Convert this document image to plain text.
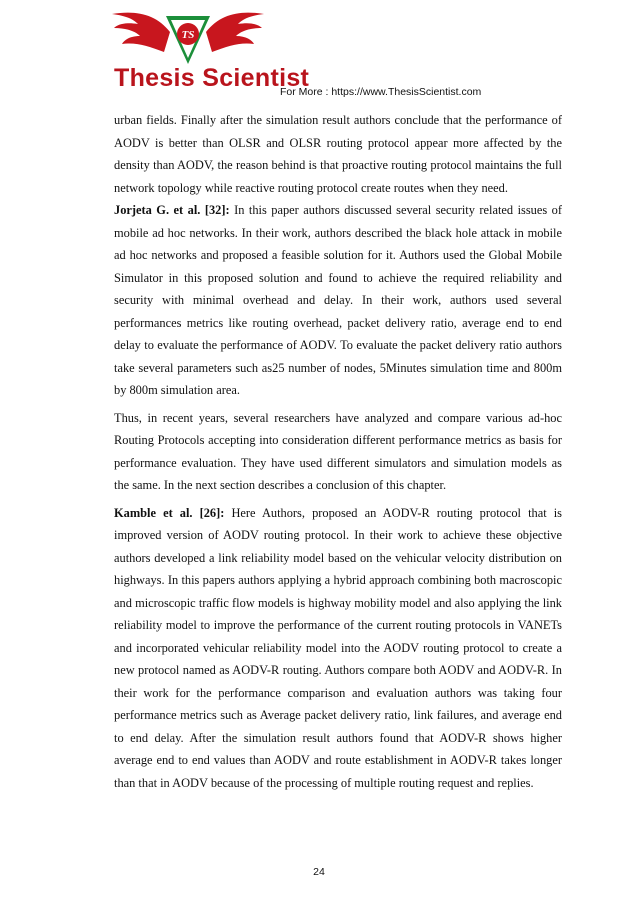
TS
Thesis Scientist
For More : https://www.ThesisScientist.com

urban fields. Finally after the simulation result authors conclude that the performance of AODV is better than OLSR and OLSR routing protocol appear more affected by the density than AODV, the reason behind is that proactive routing protocol maintains the full network topology while reactive routing protocol create routes when they need.

Jorjeta G. et al. [32]: In this paper authors discussed several security related issues of mobile ad hoc networks. In their work, authors described the black hole attack in mobile ad hoc networks and proposed a feasible solution for it. Authors used the Global Mobile Simulator in this proposed solution and found to achieve the required reliability and security with minimal overhead and delay. In their work, authors used several performances metrics like routing overhead, packet delivery ratio, average end to end delay to evaluate the performance of AODV. To evaluate the packet delivery ratio authors take several parameters such as25 number of nodes, 5Minutes simulation time and 800m by 800m simulation area.

Thus, in recent years, several researchers have analyzed and compare various ad-hoc Routing Protocols accepting into consideration different performance metrics as basis for performance evaluation. They have used different simulators and simulation models as the same. In the next section describes a conclusion of this chapter.

Kamble et al. [26]: Here Authors, proposed an AODV-R routing protocol that is improved version of AODV routing protocol. In their work to achieve these objective authors developed a link reliability model based on the vehicular velocity distribution on highways. In this papers authors applying a hybrid approach combining both macroscopic and microscopic traffic flow models is highway mobility model and also applying the link reliability model to improve the performance of the current routing protocols in VANETs and incorporated vehicular reliability model into the AODV routing protocol to create a new protocol named as AODV-R routing. Authors compare both AODV and AODV-R. In their work for the performance comparison and evaluation authors was taking four performance metrics such as Average packet delivery ratio, link failures, and average end to end delay. After the simulation result authors found that AODV-R shows higher average end to end values than AODV and route establishment in AODV-R takes longer than that in AODV because of the processing of multiple routing request and replies.

24
